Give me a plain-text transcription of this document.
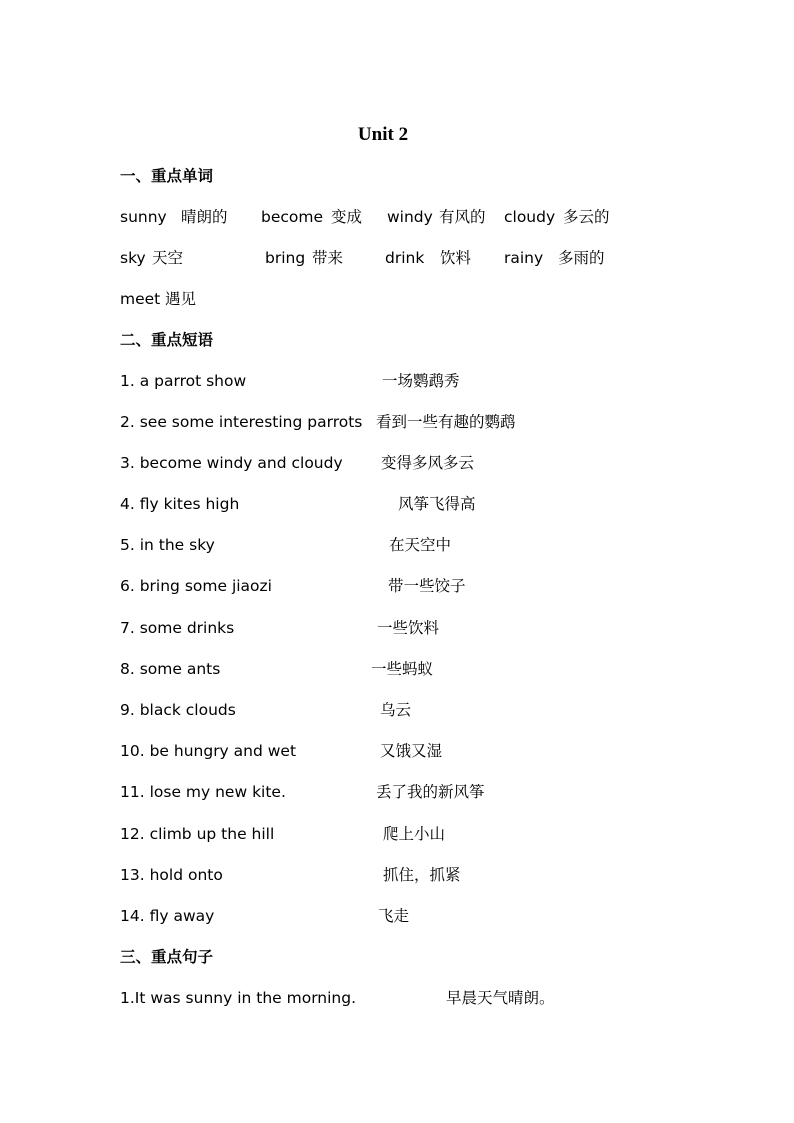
Unit 2
一、重点单词
sunny 晴朗的 become 变成 windy 有风的 cloudy 多云的
sky 天空	bring 带来	drink 饮料 rainy 多雨的
meet 遇见
二、重点短语
1. a parrot show	一场鹦鹉秀
2. see some interesting parrots 看到一些有趣的鹦鹉
3. become windy and cloudy 变得多风多云
4. fly kites high	风筝飞得高
5. in the sky	在天空中
6. bring some jiaozi	带一些饺子
7. some drinks	一些饮料
8. some ants	一些蚂蚁
9. black clouds	乌云
10. be hungry and wet	又饿又湿
11. lose my new kite.	丢了我的新风筝
12. climb up the hill	爬上小山
13. hold onto	抓住，抓紧
14. fly away	飞走
三、重点句子
1.It was sunny in the morning.	早晨天气晴朗。
